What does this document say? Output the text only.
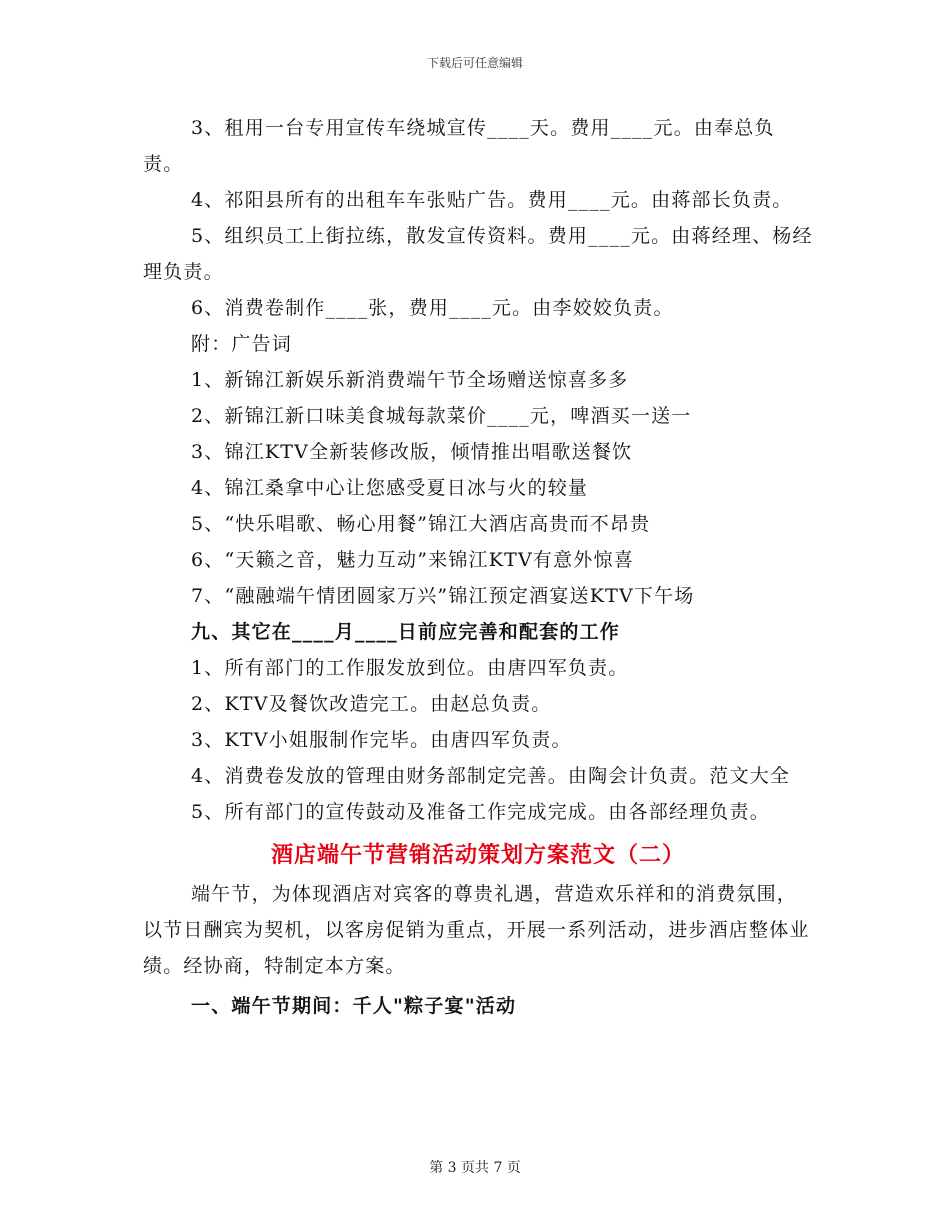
下载后可任意编辑

3、租用一台专用宣传车绕城宣传____天。费用____元。由奉总负责。

4、祁阳县所有的出租车车张贴广告。费用____元。由蒋部长负责。

5、组织员工上街拉练，散发宣传资料。费用____元。由蒋经理、杨经理负责。

6、消费卷制作____张，费用____元。由李姣姣负责。

附：广告词

1、新锦江新娱乐新消费端午节全场赠送惊喜多多

2、新锦江新口味美食城每款菜价____元，啤酒买一送一

3、锦江KTV全新装修改版，倾情推出唱歌送餐饮

4、锦江桑拿中心让您感受夏日冰与火的较量

5、“快乐唱歌、畅心用餐”锦江大酒店高贵而不昂贵

6、“天籁之音，魅力互动”来锦江KTV有意外惊喜

7、“融融端午情团圆家万兴”锦江预定酒宴送KTV下午场

九、其它在____月____日前应完善和配套的工作

1、所有部门的工作服发放到位。由唐四军负责。

2、KTV及餐饮改造完工。由赵总负责。

3、KTV小姐服制作完毕。由唐四军负责。

4、消费卷发放的管理由财务部制定完善。由陶会计负责。范文大全

5、所有部门的宣传鼓动及准备工作完成完成。由各部经理负责。

酒店端午节营销活动策划方案范文（二）

端午节，为体现酒店对宾客的尊贵礼遇，营造欢乐祥和的消费氛围，以节日酬宾为契机，以客房促销为重点，开展一系列活动，进步酒店整体业绩。经协商，特制定本方案。

一、端午节期间：千人"粽子宴"活动

第 3 页共 7 页
